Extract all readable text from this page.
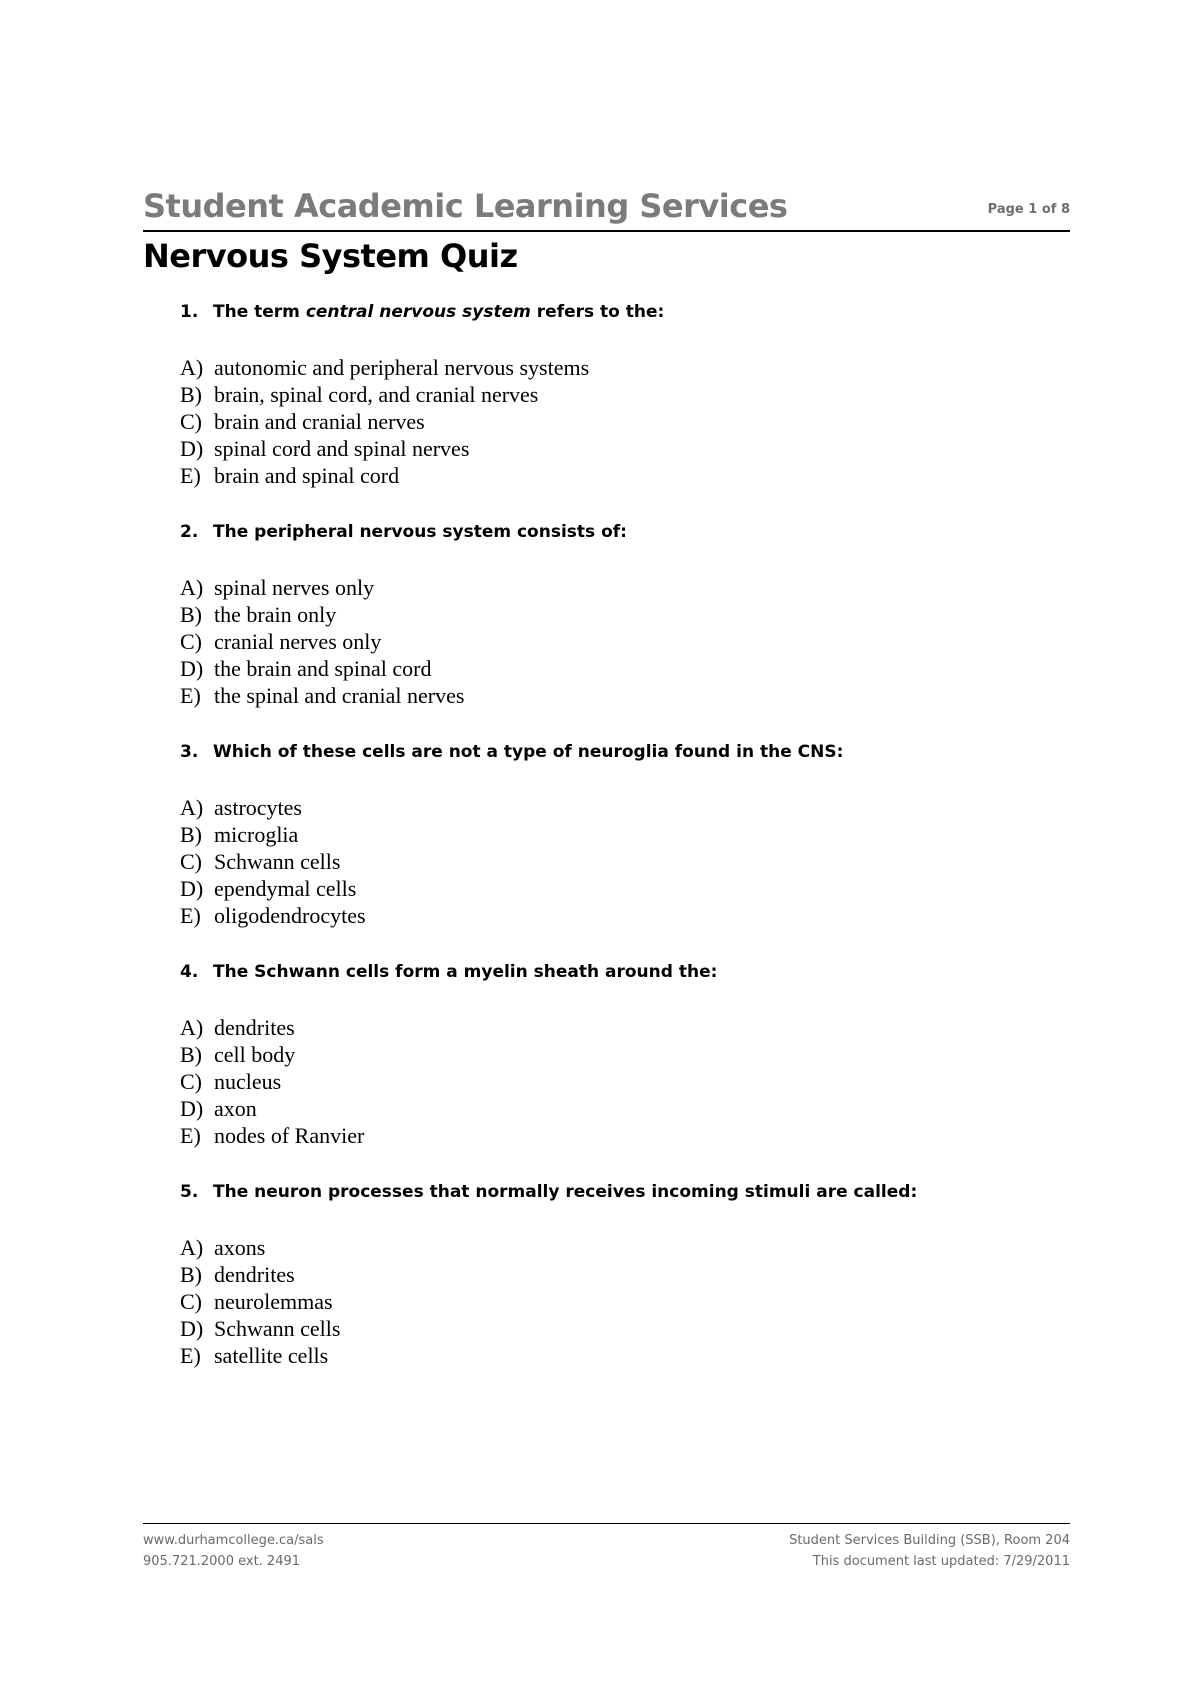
Student Academic Learning Services	Page 1 of 8
Nervous System Quiz
1. The term central nervous system refers to the:
A) autonomic and peripheral nervous systems
B) brain, spinal cord, and cranial nerves
C) brain and cranial nerves
D) spinal cord and spinal nerves
E) brain and spinal cord
2. The peripheral nervous system consists of:
A) spinal nerves only
B) the brain only
C) cranial nerves only
D) the brain and spinal cord
E) the spinal and cranial nerves
3. Which of these cells are not a type of neuroglia found in the CNS:
A) astrocytes
B) microglia
C) Schwann cells
D) ependymal cells
E) oligodendrocytes
4. The Schwann cells form a myelin sheath around the:
A) dendrites
B) cell body
C) nucleus
D) axon
E) nodes of Ranvier
5. The neuron processes that normally receives incoming stimuli are called:
A) axons
B) dendrites
C) neurolemmas
D) Schwann cells
E) satellite cells
www.durhamcollege.ca/sals
905.721.2000 ext. 2491
Student Services Building (SSB), Room 204
This document last updated: 7/29/2011
